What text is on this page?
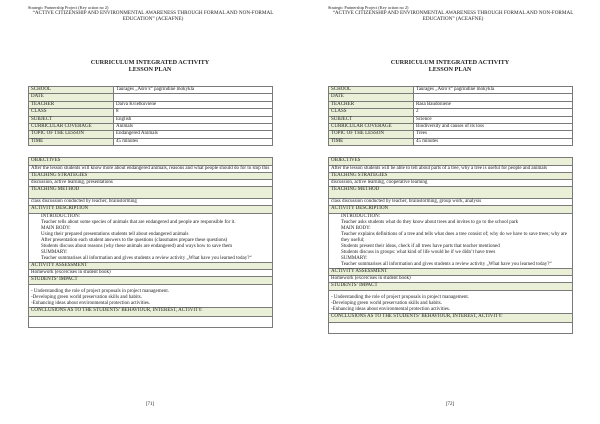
Strategic Partnership Project (Key action no 2)
“ACTIVE CITIZENSHIP AND ENVIRONMENTAL AWARENESS THROUGH FORMAL AND NON-FORMAL EDUCATION” (ACEAFNE)
CURRICULUM INTEGRATED ACTIVITY
LESSON PLAN
SCHOOL	Tauragės „Ašro’s“ pagrindinė mokykla
DATE	
TEACHER	Daiva Kvietkuvienė
CLASS	8
SUBJECT	English
CURRICULAR COVERAGE	Animals
TOPIC OF THE LESSON	Endangered Animals
TIME	45 minutes
OBJECTIVES
After the lesson students will know more about endangered animals, reasons and what people should do for to stop this
TEACHING STRATEGIES
discussion, active learning, presentations
TEACHING METHOD
class discussion conducted by teacher, brainstorming
ACTIVITY DESCRIPTION

INTRODUCTION:
Teacher tells about some species of animals that are endangered and people are responsible for it.
MAIN BODY:
Using their prepared presentations students tell about endangered animals
After presentation each student answers to the questions (classmates prepare these questions)
Students discuss about reasons (why these animals are endangered) and ways how to save them
SUMMARY:
Teacher summarises all information and gives students a review activity „What have you learned today?“

ACTIVITY ASSESSMENT
Homework (excercises in student book)
STUDENTS’ IMPACT

- Understanding the role of project proposals in project management.
-Developing green world preservation skills and habits.
-Enhancing ideas about environmental protection activities.

CONCLUSIONS AS TO THE STUDENTS’ BEHAVIOUR, INTEREST, ACTIVITY:

[71]
Strategic Partnership Project (Key action no 2)
“ACTIVE CITIZENSHIP AND ENVIRONMENTAL AWARENESS THROUGH FORMAL AND NON-FORMAL EDUCATION” (ACEAFNE)
CURRICULUM INTEGRATED ACTIVITY
LESSON PLAN
SCHOOL	Tauragės „Ašro’s“ pagrindinė mokykla
DATE	
TEACHER	Rasa Baudonienė
CLASS	2
SUBJECT	Science
CURRICULAR COVERAGE	Biodiversity and causes of its loss
TOPIC OF THE LESSON	Trees
TIME	45 minutes
OBJECTIVES
After the lesson students will be able to tell about parts of a tree, why a tree is useful for people and animals
TEACHING STRATEGIES
discussion, active learning, cooperative learning
TEACHING METHOD
class discussion conducted by teacher, brainstorming, group work, analysis
ACTIVITY DESCRIPTION

INTRODUCTION:
Teacher asks students what do they know about trees and invites to go to the school park
MAIN BODY:
Teacher explains definitions of a tree and tells what does a tree consist of; why do we have to save trees; why are they useful;
Students present their ideas, check if all trees have parts that teacher mentioned
Students discuss in groups: what kind of life would be if we didn’t have trees
SUMMARY:
Teacher summarises all information and gives students a review activity „What have you learned today?“

ACTIVITY ASSESSMENT
Homework (excercises in student book)
STUDENTS’ IMPACT

- Understanding the role of project proposals in project management.
-Developing green world preservation skills and habits.
-Enhancing ideas about environmental protection activities.

CONCLUSIONS AS TO THE STUDENTS’ BEHAVIOUR, INTEREST, ACTIVITY:

[72]
